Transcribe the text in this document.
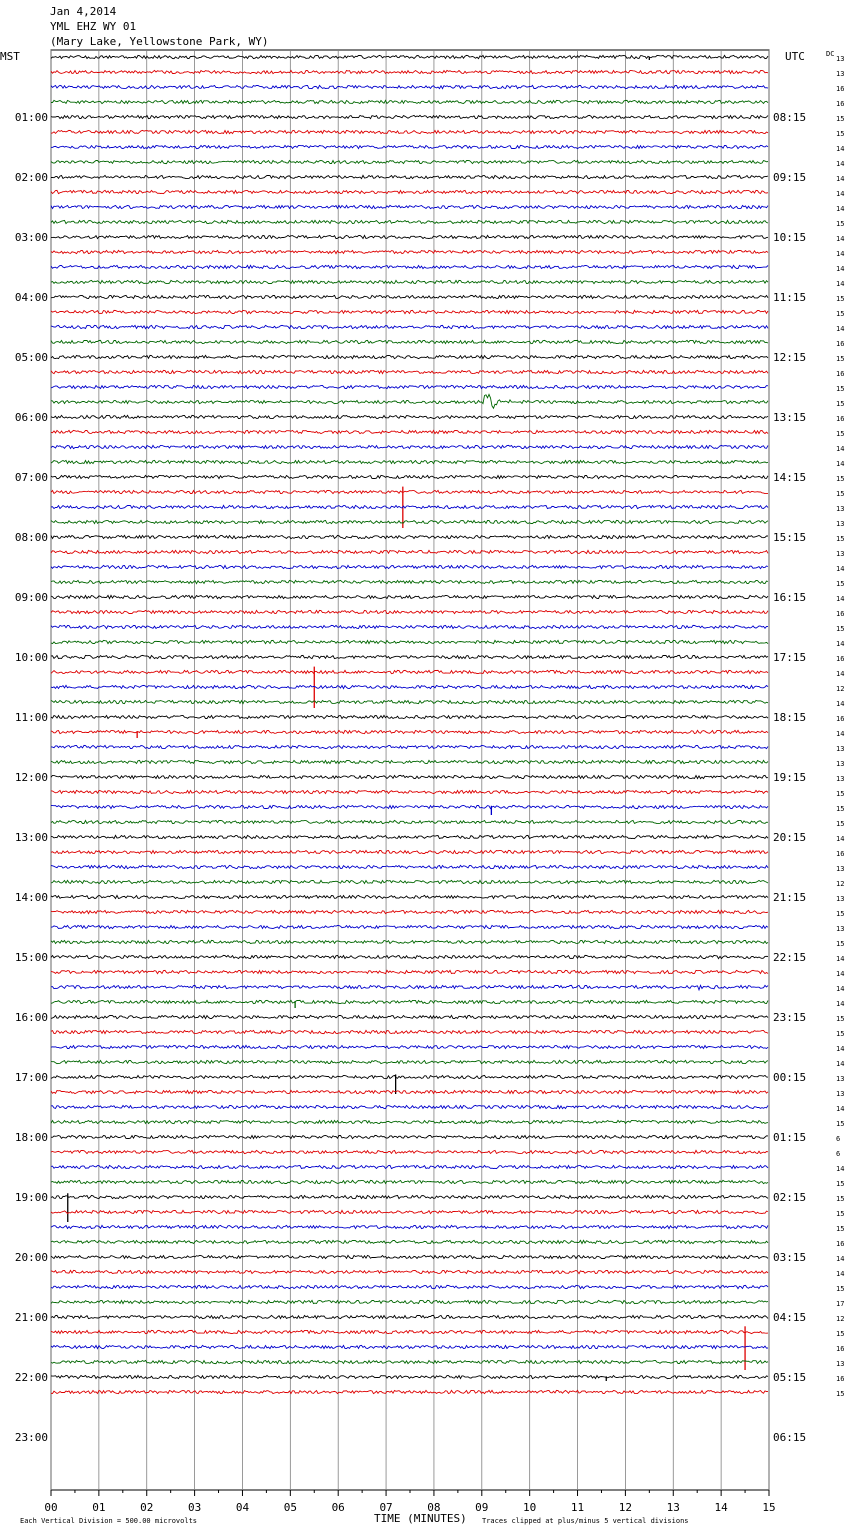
Jan 4,2014
YML EHZ WY 01
(Mary Lake, Yellowstone Park, WY)
00	01	02	03	04	05	06	07	08	09	10	11	12	13	14	15
13
13
16
16
15
15
14
14
14
14
14
15
14
14
14
14
15
15
14
16
15
16
15
15
16
15
14
14
15
15
13
13
15
13
14
15
14
16
15
14
16
14
12
14
16
14
13
13
13
15
15
15
14
16
13
12
13
15
13
15
14
14
14
14
15
15
14
14
13
13
14
15
6
6
14
15
15
15
15
16
14
14
15
17
12
15
16
13
16
15
01:00
02:00
03:00
04:00
05:00
06:00
07:00
08:00
09:00
10:00
11:00
12:00
13:00
14:00
15:00
16:00
17:00
18:00
19:00
20:00
21:00
22:00
23:00
08:15
09:15
10:15
11:15
12:15
13:15
14:15
15:15
16:15
17:15
18:15
19:15
20:15
21:15
22:15
23:15
00:15
01:15
02:15
03:15
04:15
05:15
06:15
MST	UTC	DC
TIME (MINUTES)
Each Vertical Division = 500.00 microvolts	Traces clipped at plus/minus 5 vertical divisions
